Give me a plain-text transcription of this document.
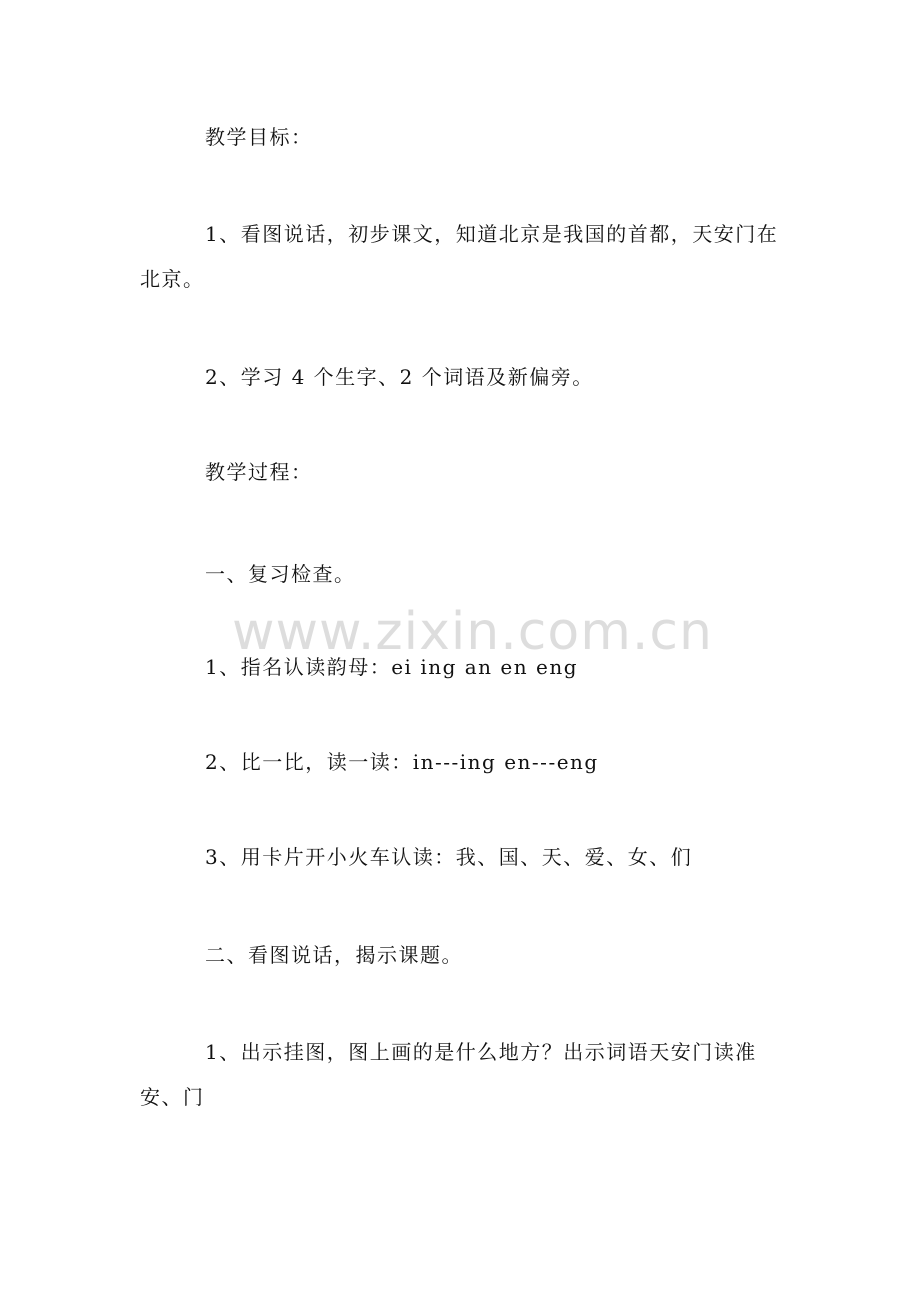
教学目标：

1、看图说话，初步课文，知道北京是我国的首都，天安门在北京。

2、学习 4 个生字、2 个词语及新偏旁。

教学过程：

一、复习检查。

1、指名认读韵母：ei ing an en eng

2、比一比，读一读：in---ing en---eng

3、用卡片开小火车认读：我、国、天、爱、女、们

二、看图说话，揭示课题。

1、出示挂图，图上画的是什么地方？出示词语天安门读准安、门

www.zixin.com.cn
